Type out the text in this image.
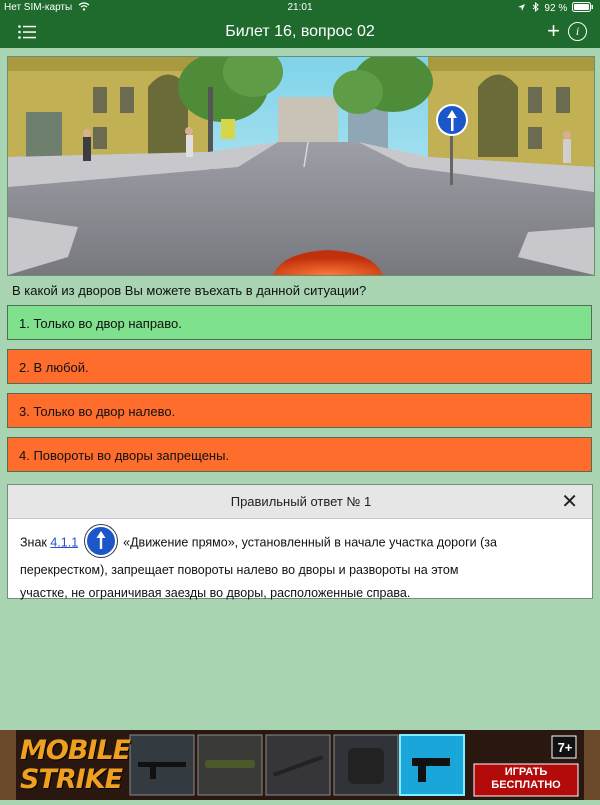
Нет SIM-карты	21:01	92 %
Билет 16, вопрос 02	+	i
В какой из дворов Вы можете въехать в данной ситуации?
1. Только во двор направо.
2. В любой.
3. Только во двор налево.
4. Повороты во дворы запрещены.
Правильный ответ № 1	✕
Знак 4.1.1	«Движение прямо», установленный в начале участка дороги (за
перекрестком), запрещает повороты налево во дворы и развороты на этом
участке, не ограничивая заезды во дворы, расположенные справа.
MOBILE
STRIKE
7+
ИГРАТЬ
БЕСПЛАТНО
